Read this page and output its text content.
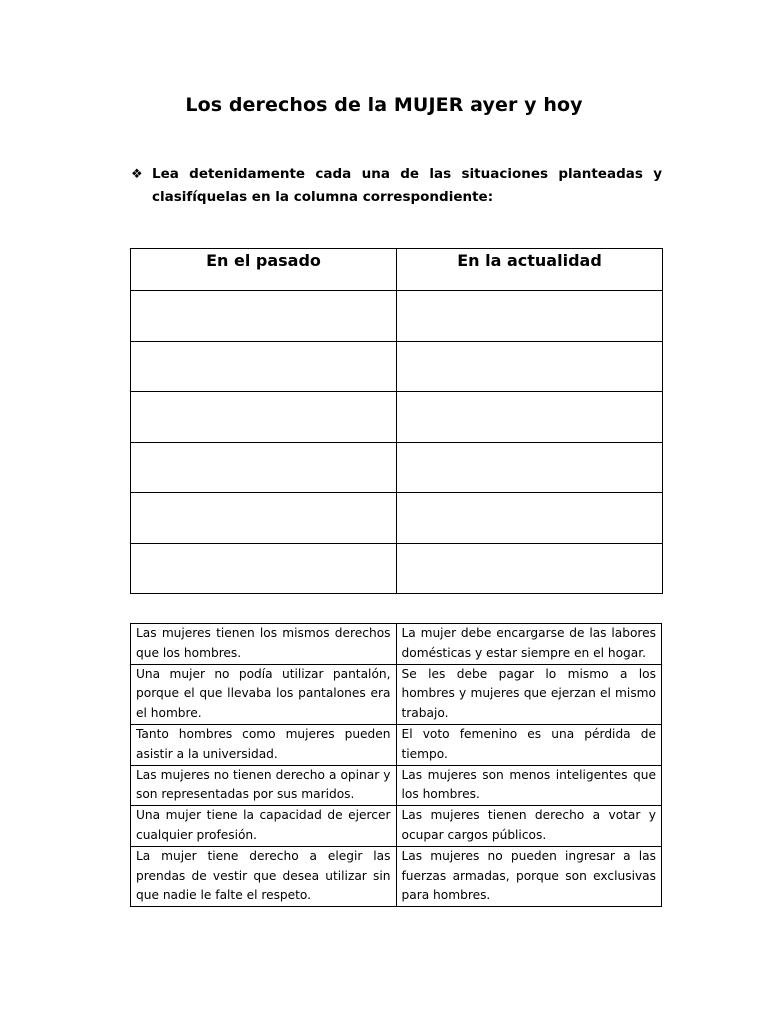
Los derechos de la MUJER ayer y hoy
❖ Lea detenidamente cada una de las situaciones planteadas y clasifíquelas en la columna correspondiente:
En el pasado	En la actualidad

Las mujeres tienen los mismos derechos que los hombres.	La mujer debe encargarse de las labores domésticas y estar siempre en el hogar.
Una mujer no podía utilizar pantalón, porque el que llevaba los pantalones era el hombre.	Se les debe pagar lo mismo a los hombres y mujeres que ejerzan el mismo trabajo.
Tanto hombres como mujeres pueden asistir a la universidad.	El voto femenino es una pérdida de tiempo.
Las mujeres no tienen derecho a opinar y son representadas por sus maridos.	Las mujeres son menos inteligentes que los hombres.
Una mujer tiene la capacidad de ejercer cualquier profesión.	Las mujeres tienen derecho a votar y ocupar cargos públicos.
La mujer tiene derecho a elegir las prendas de vestir que desea utilizar sin que nadie le falte el respeto.	Las mujeres no pueden ingresar a las fuerzas armadas, porque son exclusivas para hombres.
